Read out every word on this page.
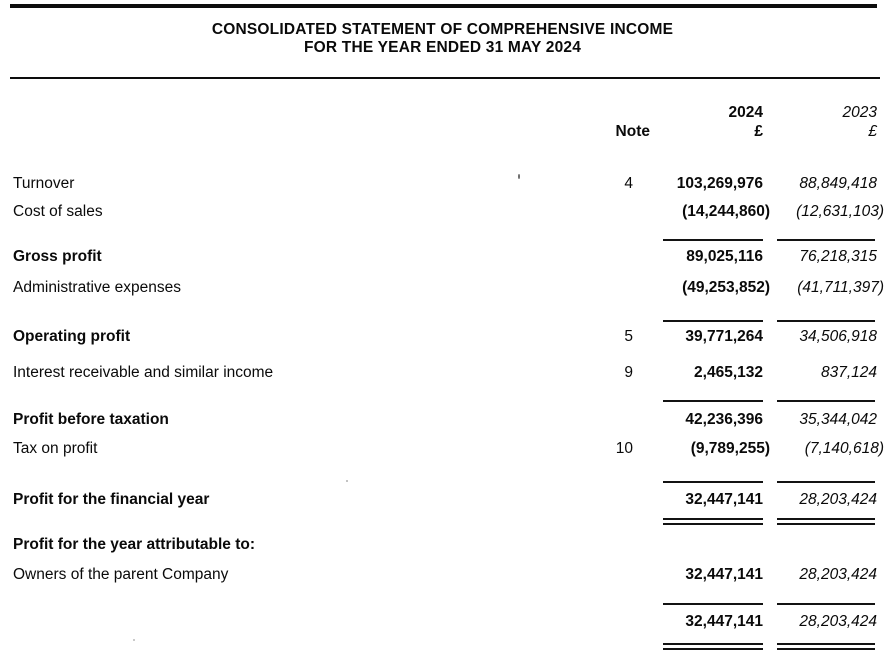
CONSOLIDATED STATEMENT OF COMPREHENSIVE INCOME
FOR THE YEAR ENDED 31 MAY 2024
2024	2023
Note	£	£
Turnover	4	103,269,976	88,849,418
Cost of sales	(14,244,860)	(12,631,103)
Gross profit	89,025,116	76,218,315
Administrative expenses	(49,253,852)	(41,711,397)
Operating profit	5	39,771,264	34,506,918
Interest receivable and similar income	9	2,465,132	837,124
Profit before taxation	42,236,396	35,344,042
Tax on profit	10	(9,789,255)	(7,140,618)
Profit for the financial year	32,447,141	28,203,424
Profit for the year attributable to:
Owners of the parent Company	32,447,141	28,203,424
32,447,141	28,203,424
